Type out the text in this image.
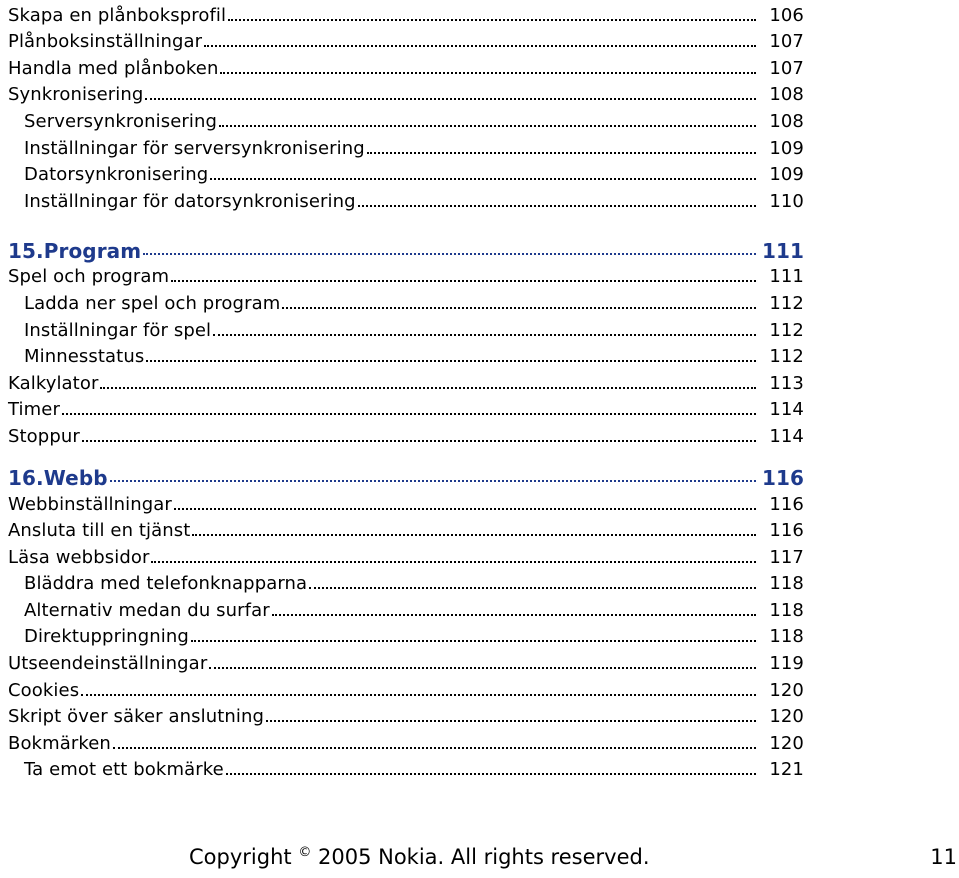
Skapa en plånboksprofil	106
Plånboksinställningar	107
Handla med plånboken	107
Synkronisering	108
Serversynkronisering	108
Inställningar för serversynkronisering	109
Datorsynkronisering	109
Inställningar för datorsynkronisering	110
15.Program	111
Spel och program	111
Ladda ner spel och program	112
Inställningar för spel	112
Minnesstatus	112
Kalkylator	113
Timer	114
Stoppur	114
16.Webb	116
Webbinställningar	116
Ansluta till en tjänst	116
Läsa webbsidor	117
Bläddra med telefonknapparna	118
Alternativ medan du surfar	118
Direktuppringning	118
Utseendeinställningar	119
Cookies	120
Skript över säker anslutning	120
Bokmärken	120
Ta emot ett bokmärke	121
Copyright © 2005 Nokia. All rights reserved.	11
